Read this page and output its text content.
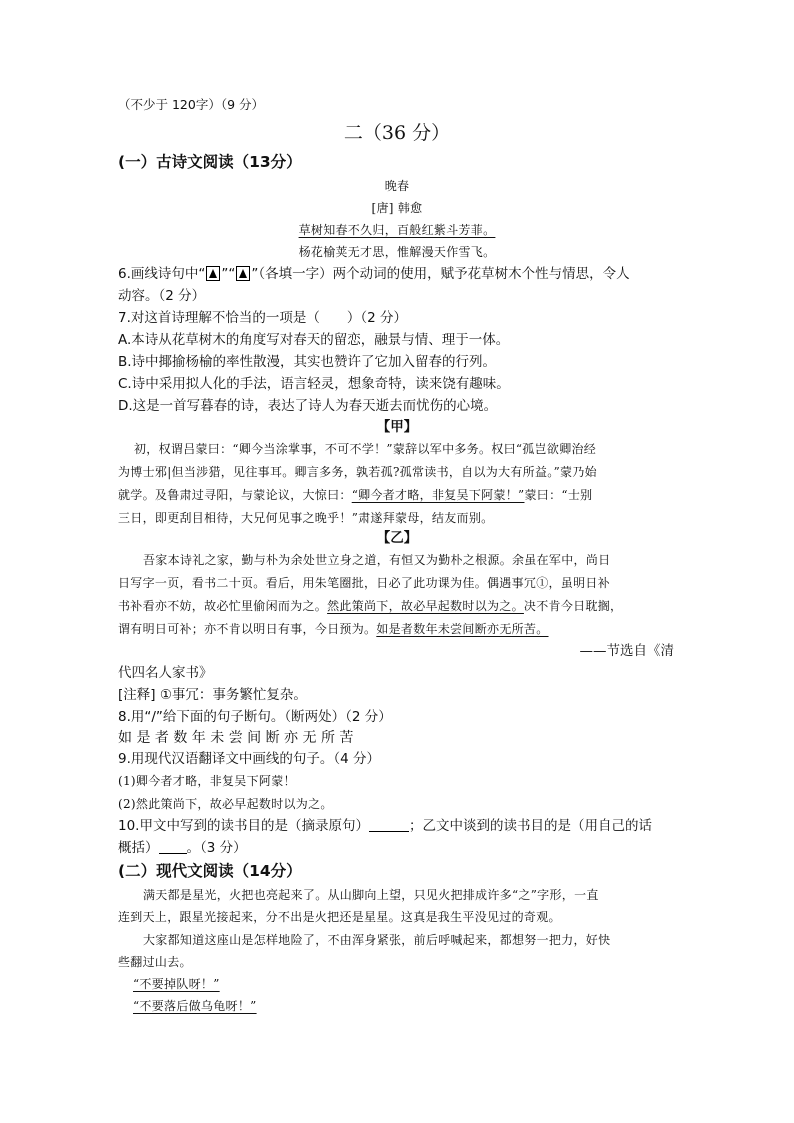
（不少于 120字）（9 分）
二（36 分）
(一）古诗文阅读（13分）
晚春
[唐] 韩愈
草树知春不久归，百般红紫斗芳菲。
杨花榆荚无才思，惟解漫天作雪飞。
6.画线诗句中“ ”“ ”（各填一字）两个动词的使用，赋予花草树木个性与情思，令人
动容。（2 分）
7.对这首诗理解不恰当的一项是（　　）（2 分）
A.本诗从花草树木的角度写对春天的留恋，融景与情、理于一体。
B.诗中揶揄杨榆的率性散漫，其实也赞许了它加入留春的行列。
C.诗中采用拟人化的手法，语言轻灵，想象奇特，读来饶有趣味。
D.这是一首写暮春的诗，表达了诗人为春天逝去而忧伤的心境。
【甲】
初，权谓吕蒙曰：“卿今当涂掌事，不可不学！”蒙辞以军中多务。权曰“孤岂欲卿治经
为博士邪|但当涉猎，见往事耳。卿言多务，孰若孤?孤常读书，自以为大有所益。”蒙乃始
就学。及鲁肃过寻阳，与蒙论议，大惊曰：“卿今者才略，非复吴下阿蒙！”蒙曰：“士别
三日，即更刮目相待，大兄何见事之晚乎！”肃遂拜蒙母，结友而别。
【乙】
吾家本诗礼之家，勤与朴为余处世立身之道，有恒又为勤朴之根源。余虽在军中，尚日
日写字一页，看书二十页。看后，用朱笔圈批，日必了此功课为佳。偶遇事冗①，虽明日补
书补看亦不妨，故必忙里偷闲而为之。然此策尚下，故必早起数时以为之。决不肯今日耽搁，
谓有明日可补；亦不肯以明日有事，今日预为。如是者数年未尝间断亦无所苦。
——节选自《清
代四名人家书》
[注释] ①事冗：事务繁忙复杂。
8.用“/”给下面的句子断句。（断两处）（2 分）
如 是 者 数 年 未 尝 间 断 亦 无 所 苦
9.用现代汉语翻译文中画线的句子。（4 分）
(1)卿今者才略，非复吴下阿蒙！
(2)然此策尚下，故必早起数时以为之。
10.甲文中写到的读书目的是（摘录原句）	；乙文中谈到的读书目的是（用自己的话
概括） 。（3 分）
(二）现代文阅读（14分）
满天都是星光，火把也亮起来了。从山脚向上望，只见火把排成许多“之”字形，一直
连到天上，跟星光接起来，分不出是火把还是星星。这真是我生平没见过的奇观。
大家都知道这座山是怎样地险了，不由浑身紧张，前后呼喊起来，都想努一把力，好快
些翻过山去。
“不要掉队呀！”
“不要落后做乌龟呀！”
